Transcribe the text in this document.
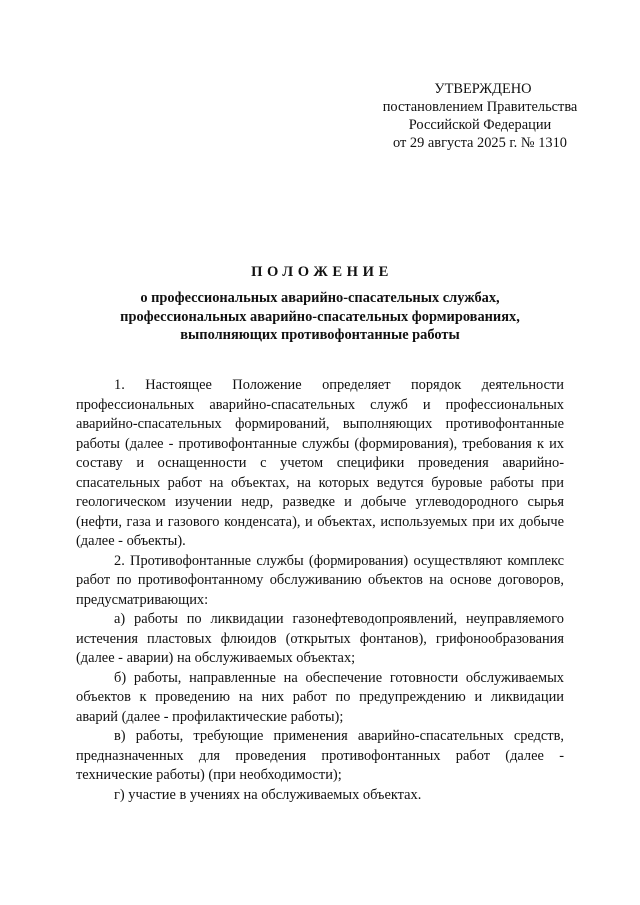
УТВЕРЖДЕНО
постановлением Правительства
Российской Федерации
от 29 августа 2025 г. № 1310
ПОЛОЖЕНИЕ
о профессиональных аварийно-спасательных службах,
профессиональных аварийно-спасательных формированиях,
выполняющих противофонтанные работы

1. Настоящее Положение определяет порядок деятельности профессиональных аварийно-спасательных служб и профессиональных аварийно-спасательных формирований, выполняющих противофонтанные работы (далее - противофонтанные службы (формирования), требования к их составу и оснащенности с учетом специфики проведения аварийно-спасательных работ на объектах, на которых ведутся буровые работы при геологическом изучении недр, разведке и добыче углеводородного сырья (нефти, газа и газового конденсата), и объектах, используемых при их добыче (далее - объекты).

2. Противофонтанные службы (формирования) осуществляют комплекс работ по противофонтанному обслуживанию объектов на основе договоров, предусматривающих:

а) работы по ликвидации газонефтеводопроявлений, неуправляемого истечения пластовых флюидов (открытых фонтанов), грифонообразования (далее - аварии) на обслуживаемых объектах;

б) работы, направленные на обеспечение готовности обслуживаемых объектов к проведению на них работ по предупреждению и ликвидации аварий (далее - профилактические работы);

в) работы, требующие применения аварийно-спасательных средств, предназначенных для проведения противофонтанных работ (далее - технические работы) (при необходимости);

г) участие в учениях на обслуживаемых объектах.
